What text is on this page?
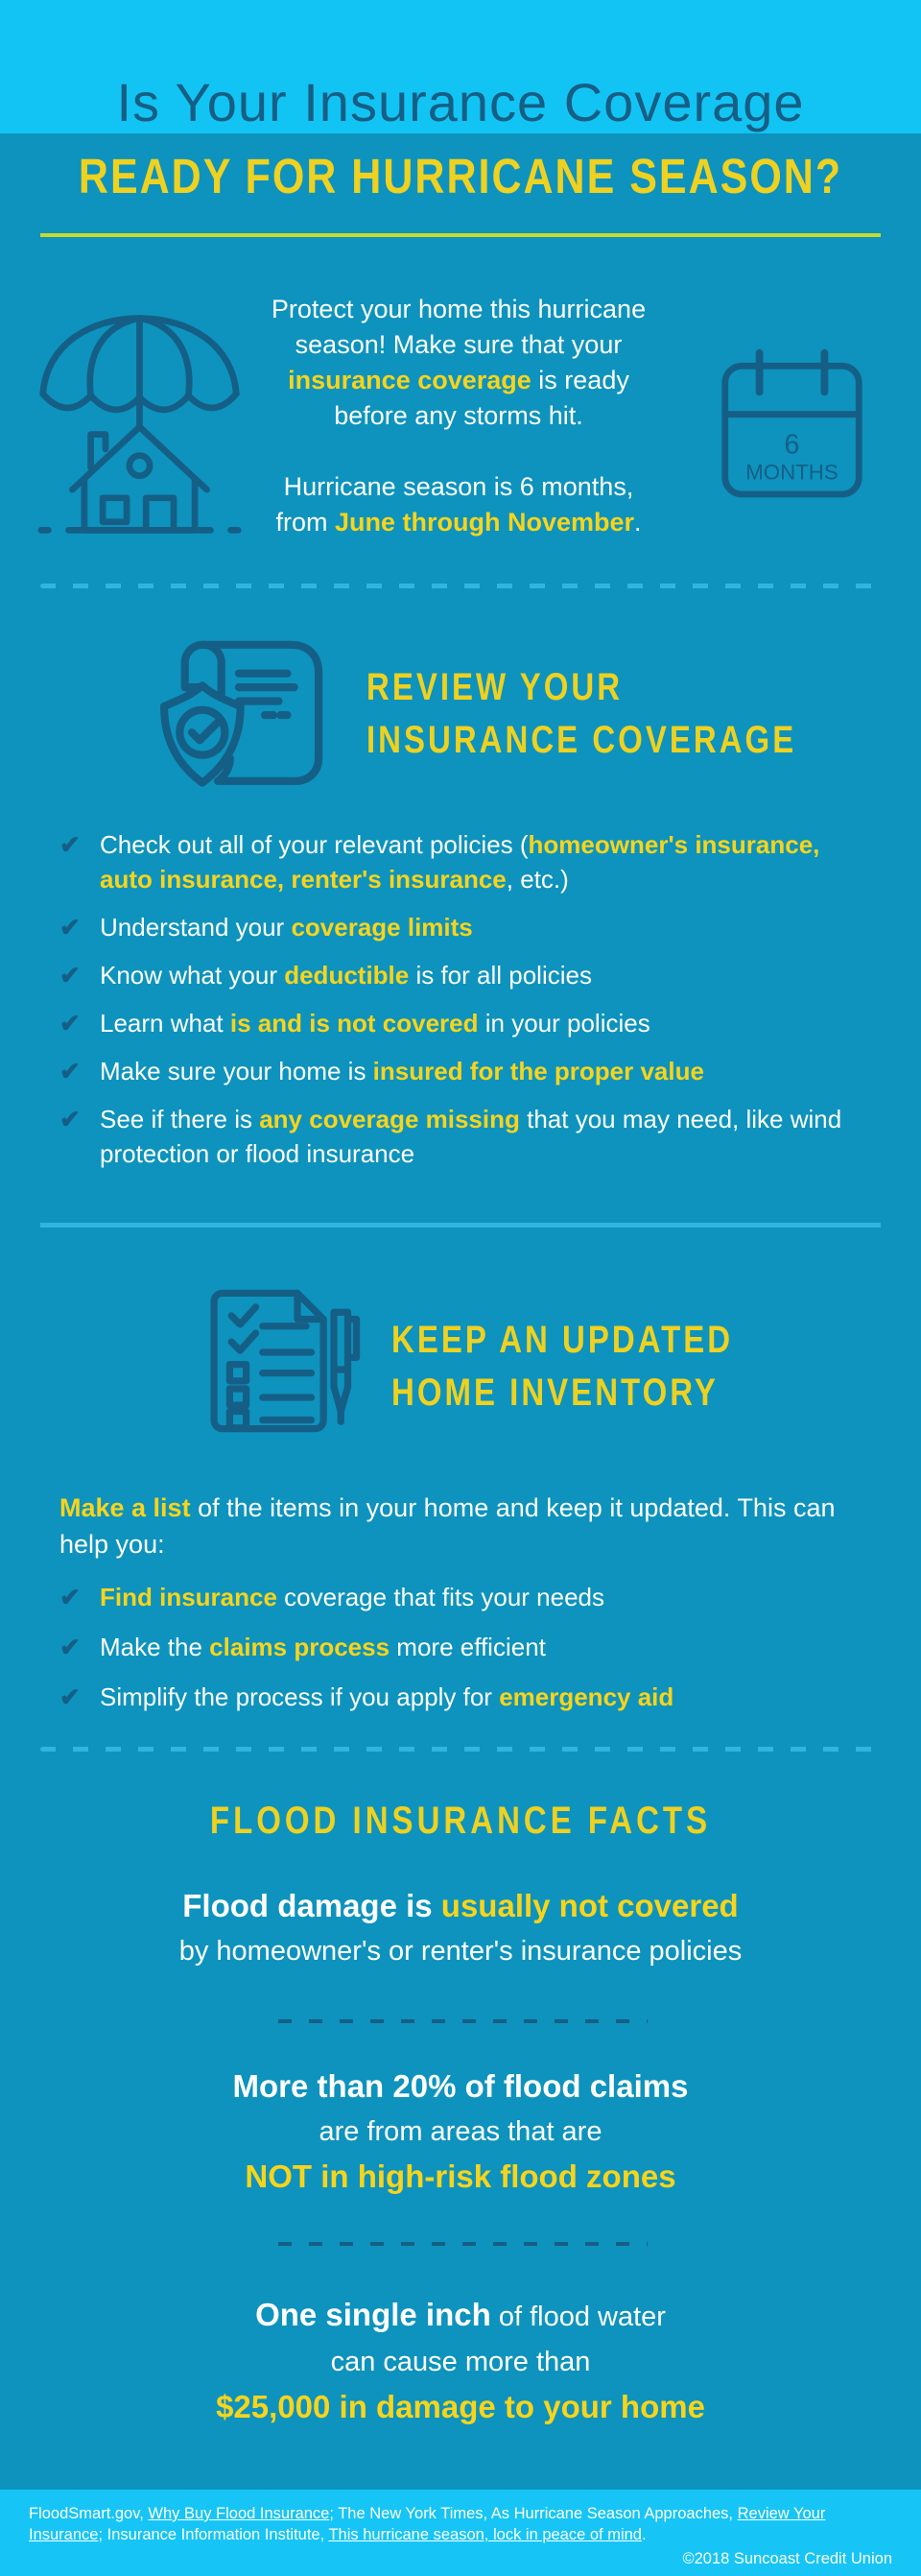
Is Your Insurance Coverage
READY FOR HURRICANE SEASON?
Protect your home this hurricane season! Make sure that your insurance coverage is ready before any storms hit.
Hurricane season is 6 months, from June through November.
6
MONTHS
REVIEW YOUR
INSURANCE COVERAGE
✔ Check out all of your relevant policies (homeowner's insurance, auto insurance, renter's insurance, etc.)

✔ Understand your coverage limits

✔ Know what your deductible is for all policies

✔ Learn what is and is not covered in your policies

✔ Make sure your home is insured for the proper value

✔ See if there is any coverage missing that you may need, like wind protection or flood insurance

KEEP AN UPDATED
HOME INVENTORY
Make a list of the items in your home and keep it updated. This can help you:
✔ Find insurance coverage that fits your needs

✔ Make the claims process more efficient

✔ Simplify the process if you apply for emergency aid

FLOOD INSURANCE FACTS
Flood damage is usually not covered
by homeowner's or renter's insurance policies
More than 20% of flood claims
are from areas that are
NOT in high-risk flood zones
One single inch of flood water
can cause more than
$25,000 in damage to your home
FloodSmart.gov, Why Buy Flood Insurance; The New York Times, As Hurricane Season Approaches, Review Your Insurance; Insurance Information Institute, This hurricane season, lock in peace of mind.
©2018 Suncoast Credit Union
